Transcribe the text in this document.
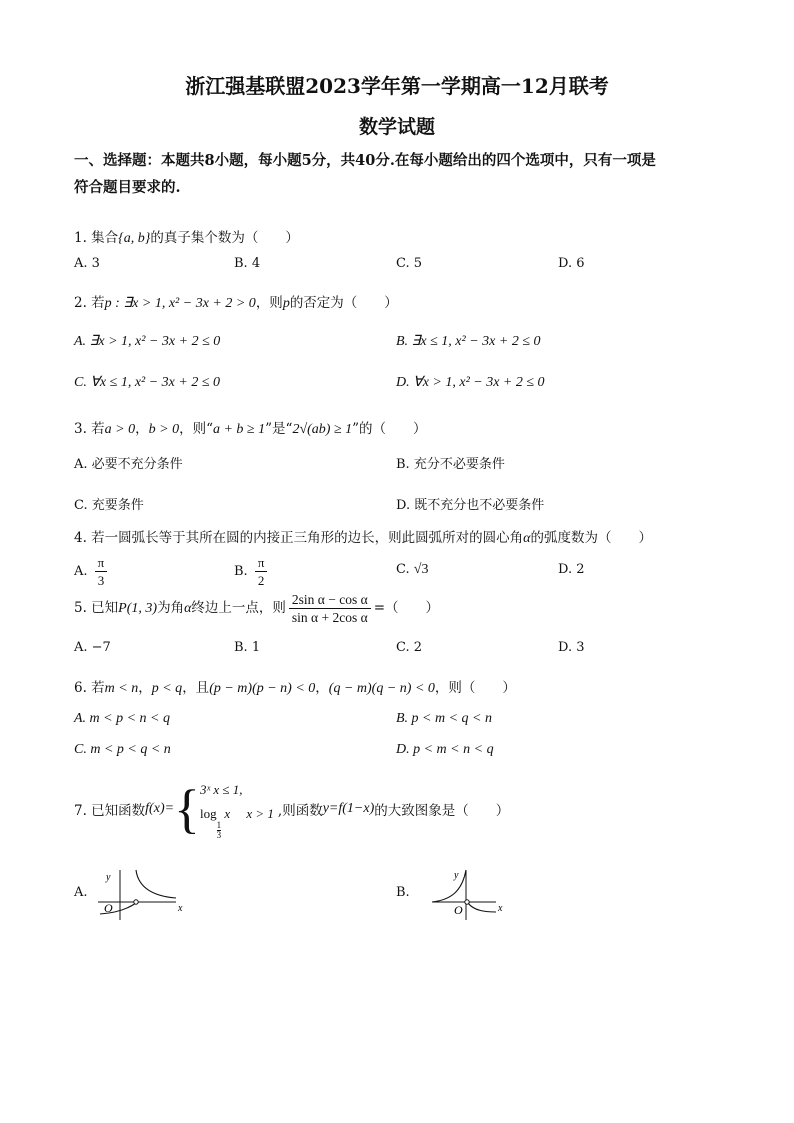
浙江强基联盟2023学年第一学期高一12月联考
数学试题
一、选择题：本题共8小题，每小题5分，共40分.在每小题给出的四个选项中，只有一项是
符合题目要求的.
1. 集合{a, b}的真子集个数为（　　）
A. 3	B. 4	C. 5	D. 6
2. 若p : ∃x > 1, x² − 3x + 2 > 0，则p的否定为（　　）
A. ∃x > 1, x² − 3x + 2 ≤ 0	B. ∃x ≤ 1, x² − 3x + 2 ≤ 0
C. ∀x ≤ 1, x² − 3x + 2 ≤ 0	D. ∀x > 1, x² − 3x + 2 ≤ 0
3. 若a > 0，b > 0，则“a + b ≥ 1”是“2√(ab) ≥ 1”的（　　）
A. 必要不充分条件	B. 充分不必要条件
C. 充要条件	D. 既不充分也不必要条件
4. 若一圆弧长等于其所在圆的内接正三角形的边长，则此圆弧所对的圆心角α的弧度数为（　　）
A. $\frac{\pi}{3}$	B. $\frac{\pi}{2}$	C. √3	D. 2
5. 已知P(1, 3)为角α终边上一点，则 $\frac{\text{2sin α − cos α}}{\text{sin α + 2cos α}}$ =（　　）
A. −7	B. 1	C. 2	D. 3
6. 若m < n，p < q，且(p − m)(p − n) < 0，(q − m)(q − n) < 0，则（　　）
A. m < p < n < q	B. p < m < q < n
C. m < p < q < n	D. p < m < n < q
7. 已知函数 f(x)= { 3ˣ x ≤ 1,
log
$\frac{1}{3}$
x　 x > 1 ,则函数 y=f(1−x) 的大致图象是（　　）
A.
y
O	x
B.
y
O	x
